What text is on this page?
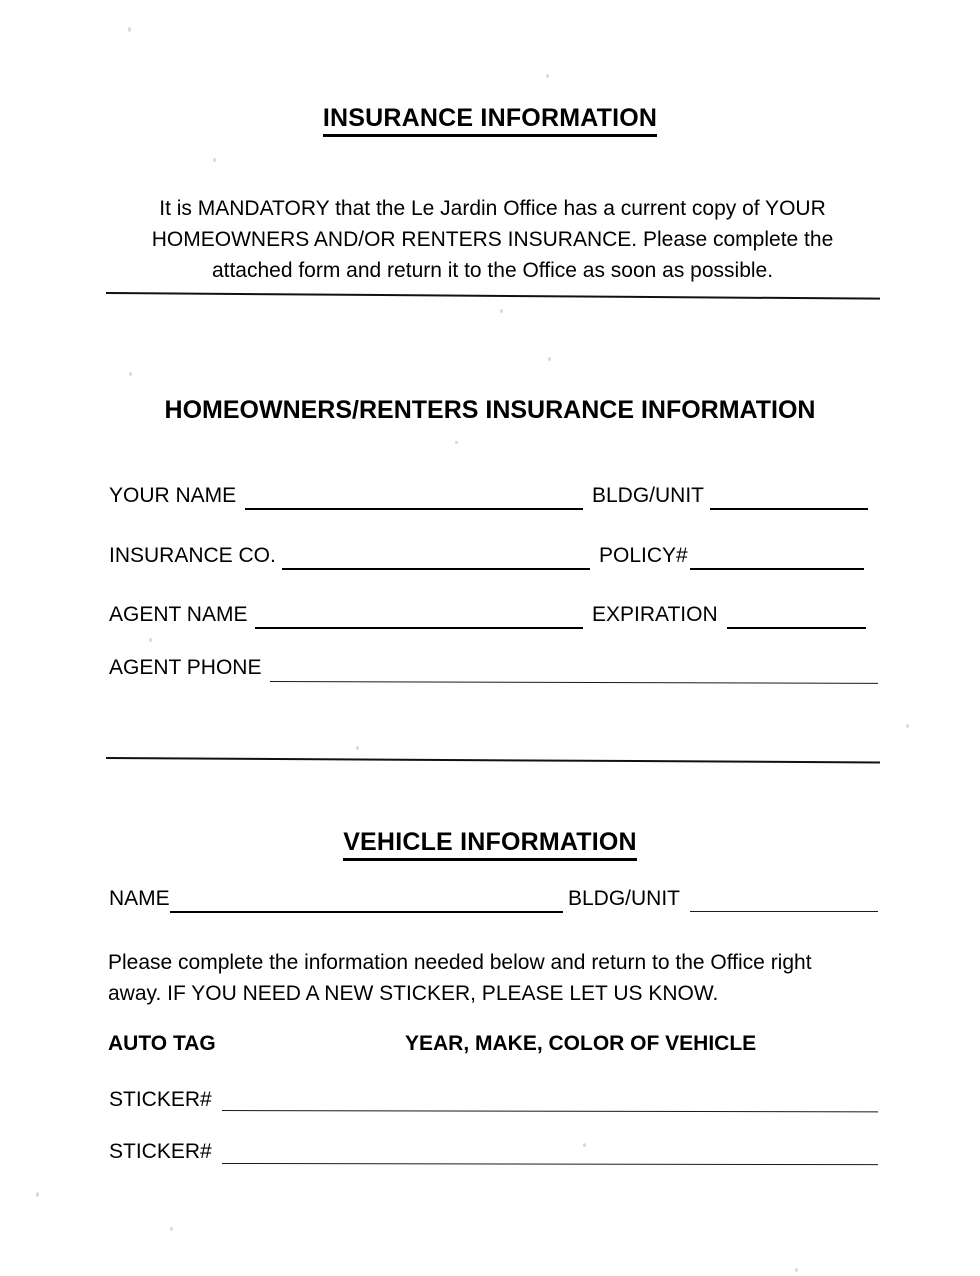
INSURANCE INFORMATION
It is MANDATORY that the Le Jardin Office has a current copy of YOUR HOMEOWNERS AND/OR RENTERS INSURANCE. Please complete the attached form and return it to the Office as soon as possible.
HOMEOWNERS/RENTERS INSURANCE INFORMATION
YOUR NAME	BLDG/UNIT
INSURANCE CO.	POLICY#
AGENT NAME	EXPIRATION
AGENT PHONE
VEHICLE INFORMATION
NAME	BLDG/UNIT
Please complete the information needed below and return to the Office right away. IF YOU NEED A NEW STICKER, PLEASE LET US KNOW.
AUTO TAG	YEAR, MAKE, COLOR OF VEHICLE
STICKER#
STICKER#
